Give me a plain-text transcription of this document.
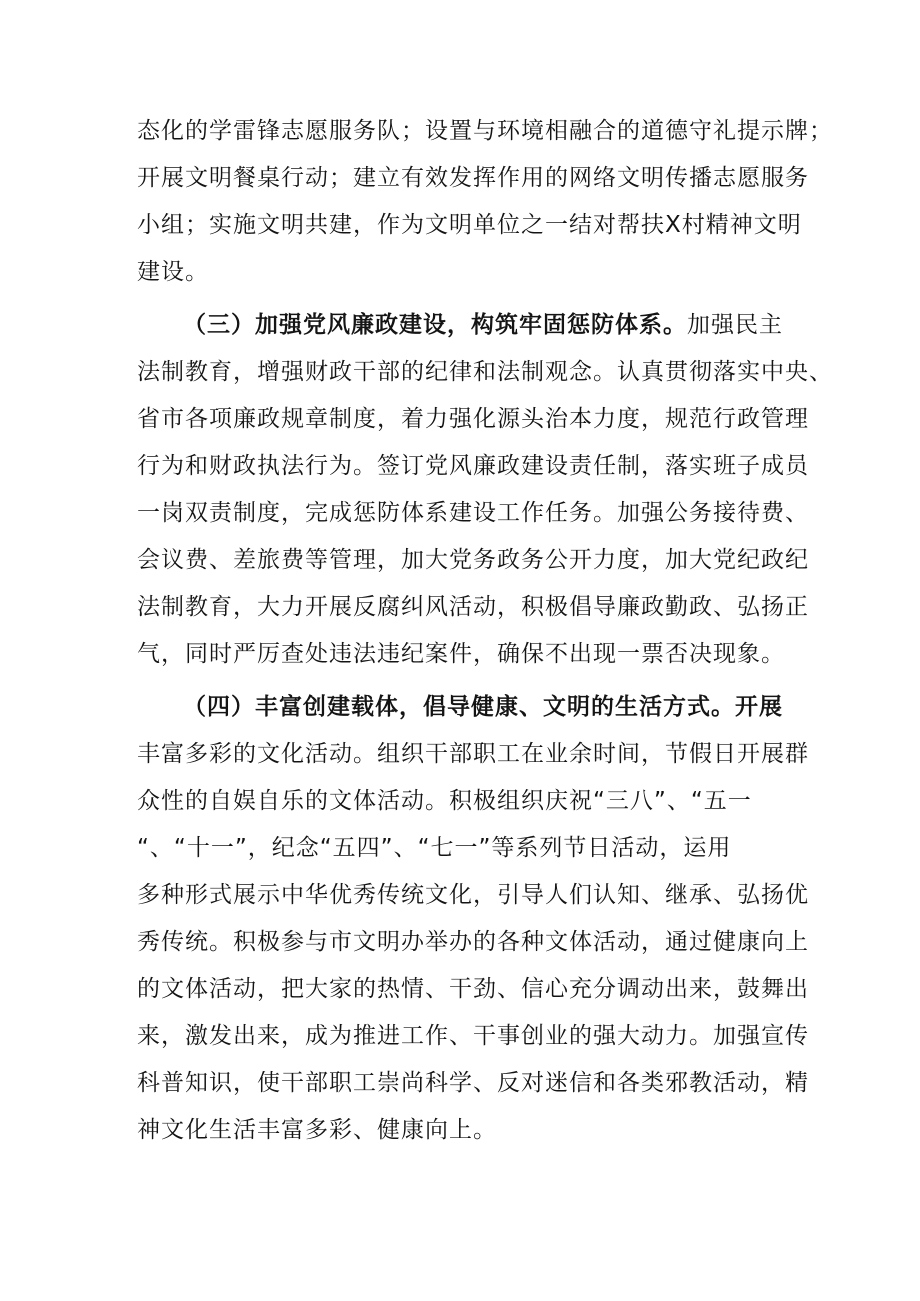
态化的学雷锋志愿服务队；设置与环境相融合的道德守礼提示牌；
开展文明餐桌行动；建立有效发挥作用的网络文明传播志愿服务
小组；实施文明共建，作为文明单位之一结对帮扶X村精神文明
建设。
（三）加强党风廉政建设，构筑牢固惩防体系。加强民主
法制教育，增强财政干部的纪律和法制观念。认真贯彻落实中央、
省市各项廉政规章制度，着力强化源头治本力度，规范行政管理
行为和财政执法行为。签订党风廉政建设责任制，落实班子成员
一岗双责制度，完成惩防体系建设工作任务。加强公务接待费、
会议费、差旅费等管理，加大党务政务公开力度，加大党纪政纪
法制教育，大力开展反腐纠风活动，积极倡导廉政勤政、弘扬正
气，同时严厉查处违法违纪案件，确保不出现一票否决现象。
（四）丰富创建载体，倡导健康、文明的生活方式。开展
丰富多彩的文化活动。组织干部职工在业余时间，节假日开展群
众性的自娱自乐的文体活动。积极组织庆祝“三八”、“五一
“、“十一”，纪念“五四”、“七一”等系列节日活动，运用
多种形式展示中华优秀传统文化，引导人们认知、继承、弘扬优
秀传统。积极参与市文明办举办的各种文体活动，通过健康向上
的文体活动，把大家的热情、干劲、信心充分调动出来，鼓舞出
来，激发出来，成为推进工作、干事创业的强大动力。加强宣传
科普知识，使干部职工崇尚科学、反对迷信和各类邪教活动，精
神文化生活丰富多彩、健康向上。
